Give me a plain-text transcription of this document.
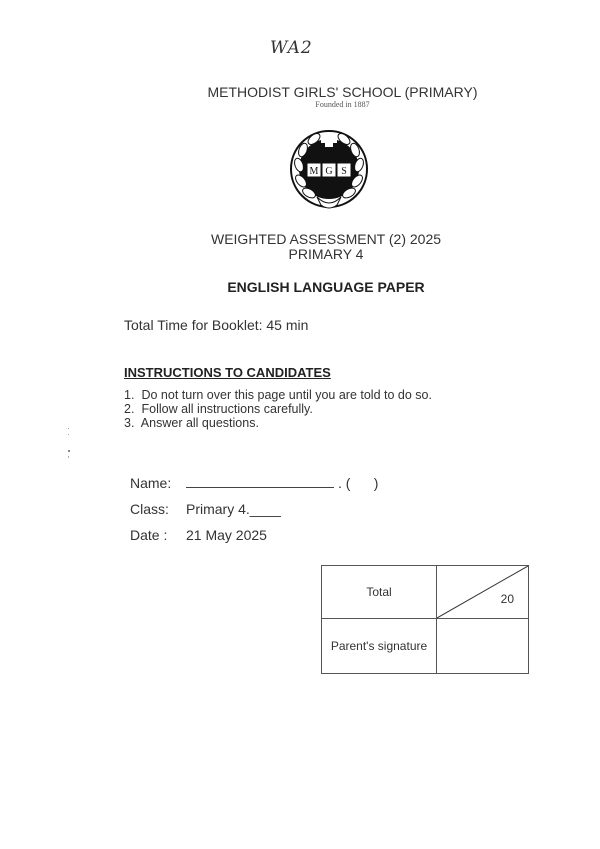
WA2
METHODIST GIRLS' SCHOOL (PRIMARY)
Founded in 1887
M G S
WEIGHTED ASSESSMENT (2) 2025
PRIMARY 4
ENGLISH LANGUAGE PAPER
Total Time for Booklet: 45 min
INSTRUCTIONS TO CANDIDATES
1. Do not turn over this page until you are told to do so.
2. Follow all instructions carefully.
3. Answer all questions.
Name:	. (      )
Class: Primary 4.____
Date : 21 May 2025
Total	20

Parent's signature	
